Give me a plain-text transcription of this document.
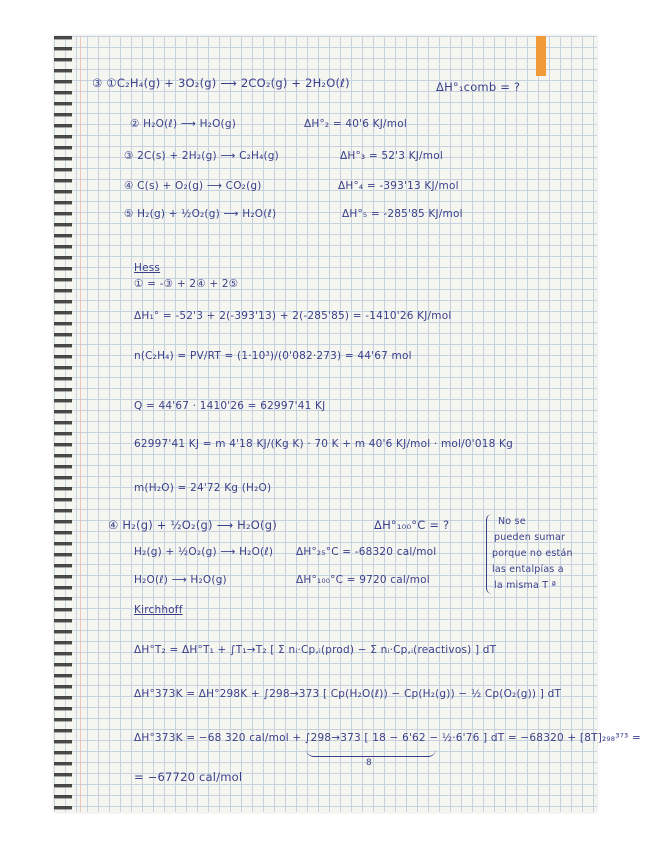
③ ①C₂H₄(g) + 3O₂(g) ⟶ 2CO₂(g) + 2H₂O(ℓ)	ΔH°₁comb = ?
② H₂O(ℓ) ⟶ H₂O(g)	ΔH°₂ = 40'6 KJ/mol
③ 2C(s) + 2H₂(g) ⟶ C₂H₄(g)	ΔH°₃ = 52'3 KJ/mol
④ C(s) + O₂(g) ⟶ CO₂(g)	ΔH°₄ = -393'13 KJ/mol
⑤ H₂(g) + ½O₂(g) ⟶ H₂O(ℓ)	ΔH°₅ = -285'85 KJ/mol
Hess
① = -③ + 2④ + 2⑤
ΔH₁° = -52'3 + 2(-393'13) + 2(-285'85) = -1410'26 KJ/mol
n(C₂H₄) = PV/RT = (1·10³)/(0'082·273) = 44'67 mol
Q = 44'67 · 1410'26 = 62997'41 KJ
62997'41 KJ = m 4'18 KJ/(Kg K) · 70 K + m 40'6 KJ/mol · mol/0'018 Kg
m(H₂O) = 24'72 Kg (H₂O)
④ H₂(g) + ½O₂(g) ⟶ H₂O(g)	ΔH°₁₀₀°C = ?
H₂(g) + ½O₂(g) ⟶ H₂O(ℓ) ΔH°₂₅°C = -68320 cal/mol
H₂O(ℓ) ⟶ H₂O(g)	ΔH°₁₀₀°C = 9720 cal/mol
No se
pueden sumar
porque no están
las entalpías a
la misma T ª
Kirchhoff
ΔH°T₂ = ΔH°T₁ + ∫T₁→T₂ [ Σ nᵢ·Cp,ᵢ(prod) − Σ nᵢ·Cp,ᵢ(reactivos) ] dT
ΔH°373K = ΔH°298K + ∫298→373 [ Cp(H₂O(ℓ)) − Cp(H₂(g)) − ½ Cp(O₂(g)) ] dT
ΔH°373K = −68 320 cal/mol + ∫298→373 [ 18 − 6'62 − ½·6'76 ] dT = −68320 + [8T]₂₉₈³⁷³ =
8
= −67720 cal/mol
